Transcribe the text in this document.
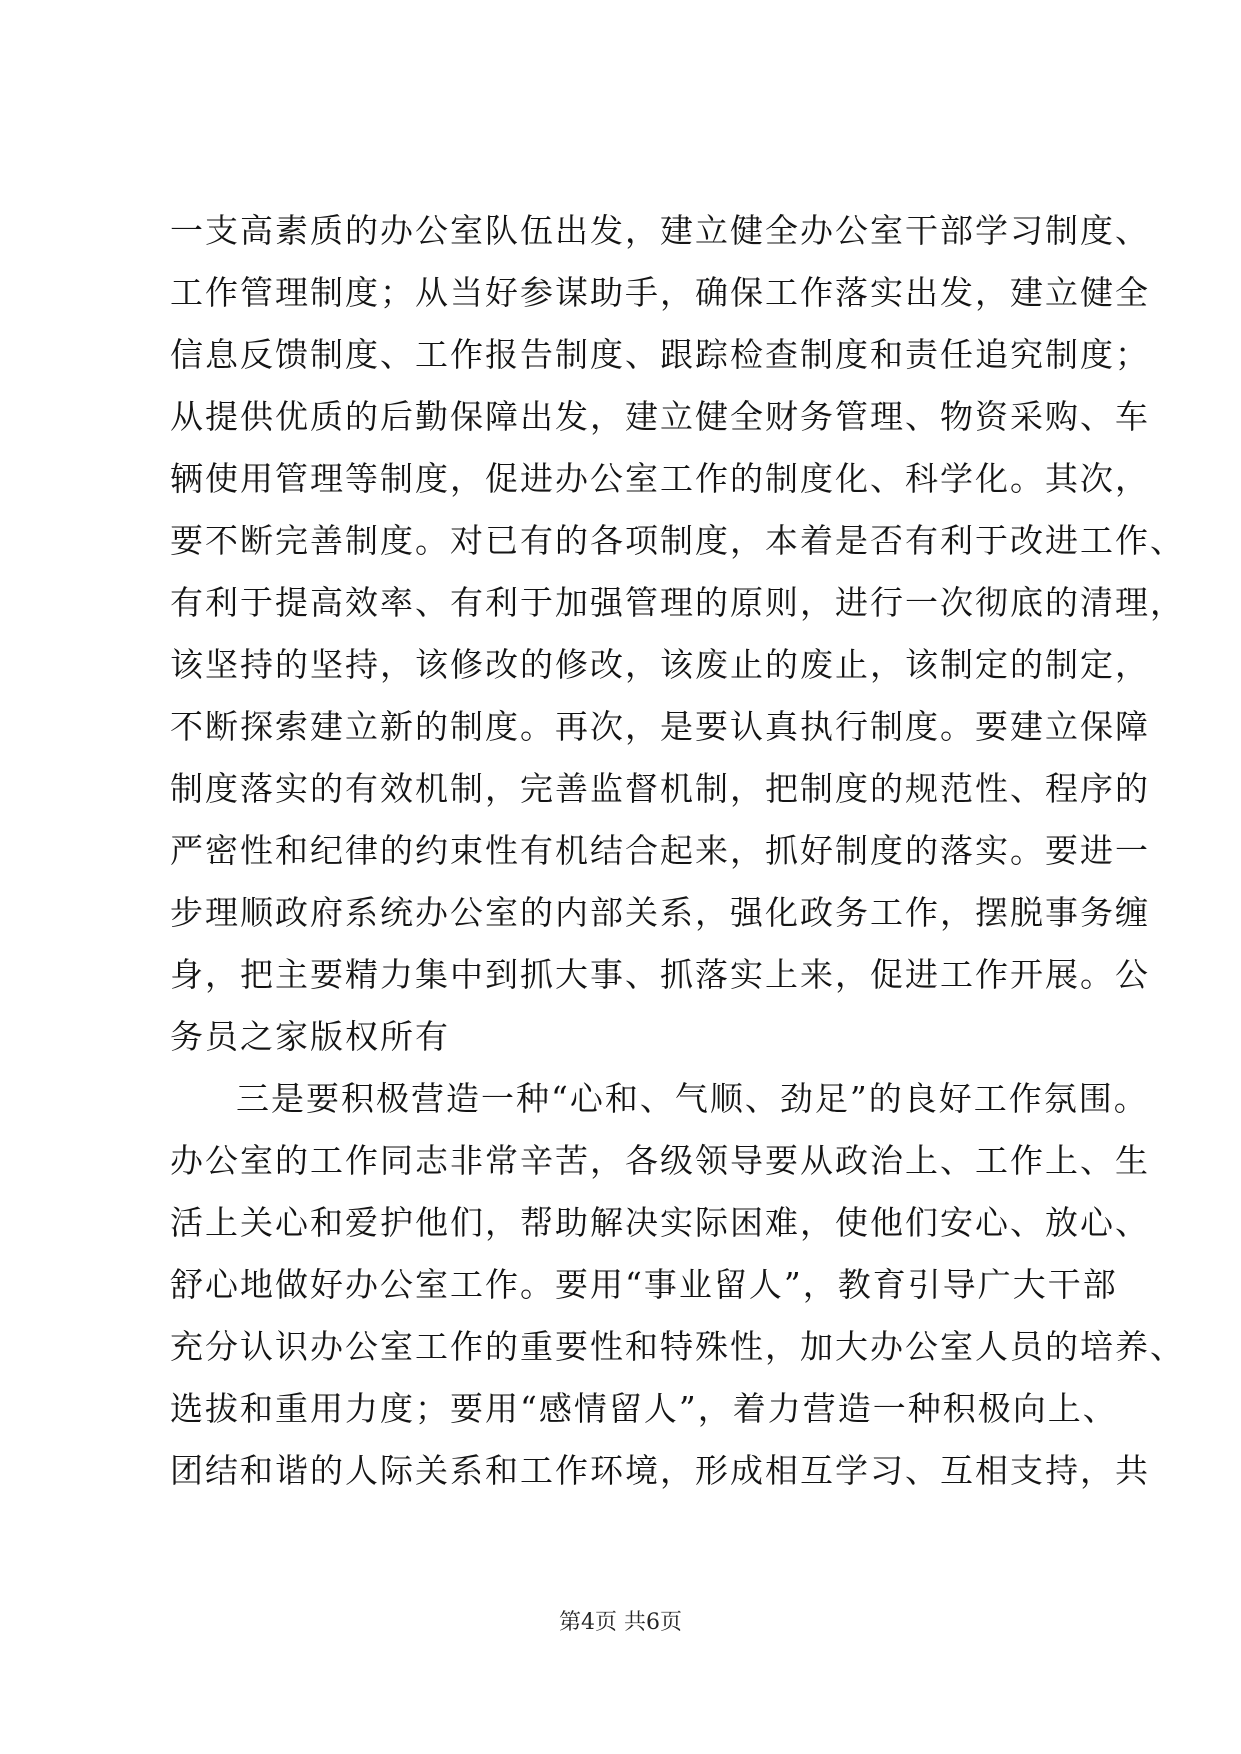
一支高素质的办公室队伍出发，建立健全办公室干部学习制度、
工作管理制度；从当好参谋助手，确保工作落实出发，建立健全
信息反馈制度、工作报告制度、跟踪检查制度和责任追究制度；
从提供优质的后勤保障出发，建立健全财务管理、物资采购、车
辆使用管理等制度，促进办公室工作的制度化、科学化。其次，
要不断完善制度。对已有的各项制度，本着是否有利于改进工作、
有利于提高效率、有利于加强管理的原则，进行一次彻底的清理，
该坚持的坚持，该修改的修改，该废止的废止，该制定的制定，
不断探索建立新的制度。再次，是要认真执行制度。要建立保障
制度落实的有效机制，完善监督机制，把制度的规范性、程序的
严密性和纪律的约束性有机结合起来，抓好制度的落实。要进一
步理顺政府系统办公室的内部关系，强化政务工作，摆脱事务缠
身，把主要精力集中到抓大事、抓落实上来，促进工作开展。公
务员之家版权所有
三是要积极营造一种“心和、气顺、劲足”的良好工作氛围。
办公室的工作同志非常辛苦，各级领导要从政治上、工作上、生
活上关心和爱护他们，帮助解决实际困难，使他们安心、放心、
舒心地做好办公室工作。要用“事业留人”，教育引导广大干部
充分认识办公室工作的重要性和特殊性，加大办公室人员的培养、
选拔和重用力度；要用“感情留人”，着力营造一种积极向上、
团结和谐的人际关系和工作环境，形成相互学习、互相支持，共
第4页 共6页
